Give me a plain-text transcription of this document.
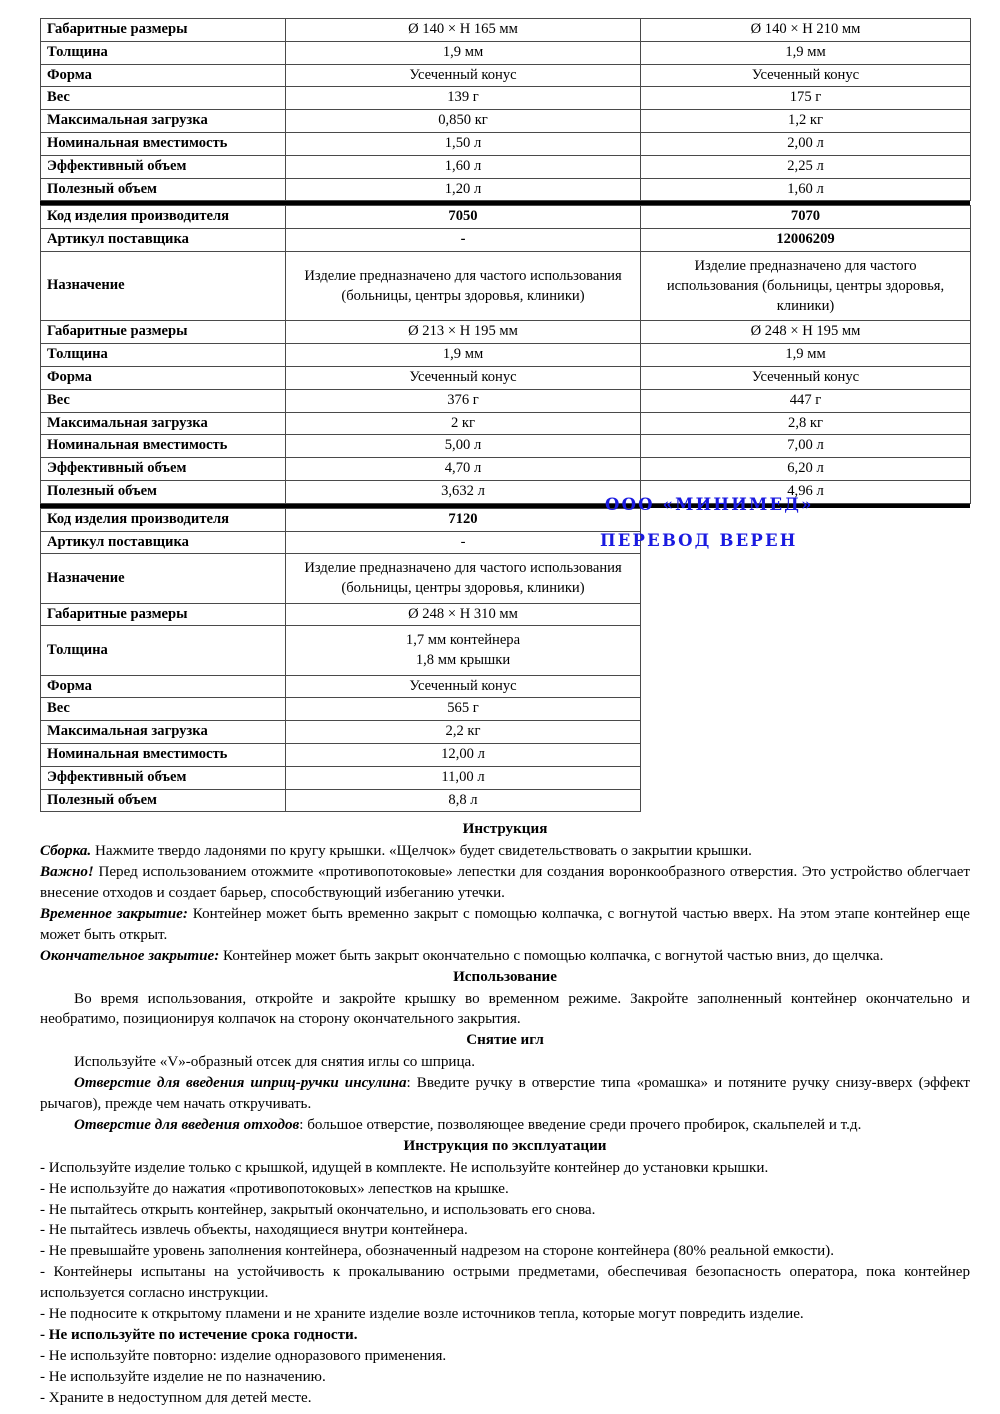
Габаритные размеры	Ø 140 × H 165 мм	Ø 140 × H 210 мм
Толщина	1,9 мм	1,9 мм
Форма	Усеченный конус	Усеченный конус
Вес	139 г	175 г
Максимальная загрузка	0,850 кг	1,2 кг
Номинальная вместимость	1,50 л	2,00 л
Эффективный объем	1,60 л	2,25 л
Полезный объем	1,20 л	1,60 л
Код изделия производителя	7050	7070
Артикул поставщика	-	12006209
Назначение	Изделие предназначено для частого использования (больницы, центры здоровья, клиники)	Изделие предназначено для частого использования (больницы, центры здоровья, клиники)
Габаритные размеры	Ø 213 × H 195 мм	Ø 248 × H 195 мм
Толщина	1,9 мм	1,9 мм
Форма	Усеченный конус	Усеченный конус
Вес	376 г	447 г
Максимальная загрузка	2 кг	2,8 кг
Номинальная вместимость	5,00 л	7,00 л
Эффективный объем	4,70 л	6,20 л
Полезный объем	3,632 л	4,96 л
Код изделия производителя	7120
Артикул поставщика	-
Назначение	Изделие предназначено для частого использования (больницы, центры здоровья, клиники)
Габаритные размеры	Ø 248 × H 310 мм
Толщина	1,7 мм контейнера
1,8 мм крышки
Форма	Усеченный конус
Вес	565 г
Максимальная загрузка	2,2 кг
Номинальная вместимость	12,00 л
Эффективный объем	11,00 л
Полезный объем	8,8 л
Инструкция

Сборка. Нажмите твердо ладонями по кругу крышки. «Щелчок» будет свидетельствовать о закрытии крышки.

Важно! Перед использованием отожмите «противопотоковые» лепестки для создания воронкообразного отверстия. Это устройство облегчает внесение отходов и создает барьер, способствующий избеганию утечки.

Временное закрытие: Контейнер может быть временно закрыт с помощью колпачка, с вогнутой частью вверх. На этом этапе контейнер еще может быть открыт.

Окончательное закрытие: Контейнер может быть закрыт окончательно с помощью колпачка, с вогнутой частью вниз, до щелчка.

Использование

Во время использования, откройте и закройте крышку во временном режиме. Закройте заполненный контейнер окончательно и необратимо, позиционируя колпачок на сторону окончательного закрытия.

Снятие игл

Используйте «V»-образный отсек для снятия иглы со шприца.

Отверстие для введения шприц-ручки инсулина: Введите ручку в отверстие типа «ромашка» и потяните ручку снизу-вверх (эффект рычагов), прежде чем начать откручивать.

Отверстие для введения отходов: большое отверстие, позволяющее введение среди прочего пробирок, скальпелей и т.д.

Инструкция по эксплуатации
- Используйте изделие только с крышкой, идущей в комплекте. Не используйте контейнер до установки крышки.
- Не используйте до нажатия «противопотоковых» лепестков на крышке.
- Не пытайтесь открыть контейнер, закрытый окончательно, и использовать его снова.
- Не пытайтесь извлечь объекты, находящиеся внутри контейнера.
- Не превышайте уровень заполнения контейнера, обозначенный надрезом на стороне контейнера (80% реальной емкости).
- Контейнеры испытаны на устойчивость к прокалыванию острыми предметами, обеспечивая безопасность оператора, пока контейнер используется согласно инструкции.
- Не подносите к открытому пламени и не храните изделие возле источников тепла, которые могут повредить изделие.
- Не используйте по истечение срока годности.
- Не используйте повторно: изделие одноразового применения.
- Не используйте изделие не по назначению.
- Храните в недоступном для детей месте.
ООО «МИНИМЕД»
ПЕРЕВОД ВЕРЕН
